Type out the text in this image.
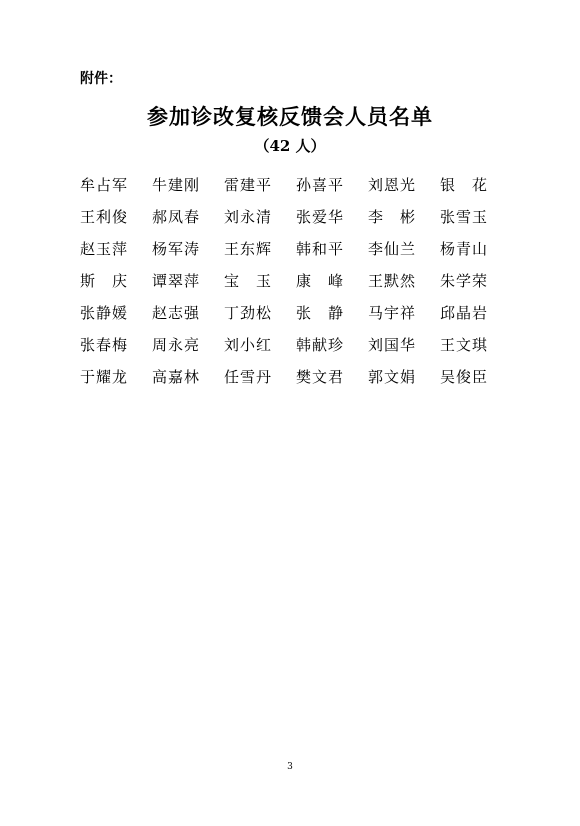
附件：
参加诊改复核反馈会人员名单
（42 人）
牟 占 军 牛 建 刚 雷 建 平 孙 喜 平 刘 恩 光 银 花
王 利 俊 郝 凤 春 刘 永 清 张 爱 华 李 彬 张 雪 玉
赵 玉 萍 杨 军 涛 王 东 辉 韩 和 平 李 仙 兰 杨 青 山
斯 庆 谭 翠 萍 宝 玉 康 峰 王 默 然 朱 学 荣
张 静 媛 赵 志 强 丁 劲 松 张 静 马 宇 祥 邱 晶 岩
张 春 梅 周 永 亮 刘 小 红 韩 献 珍 刘 国 华 王 文 琪
于 耀 龙 高 嘉 林 任 雪 丹 樊 文 君 郭 文 娟 吴 俊 臣
3
